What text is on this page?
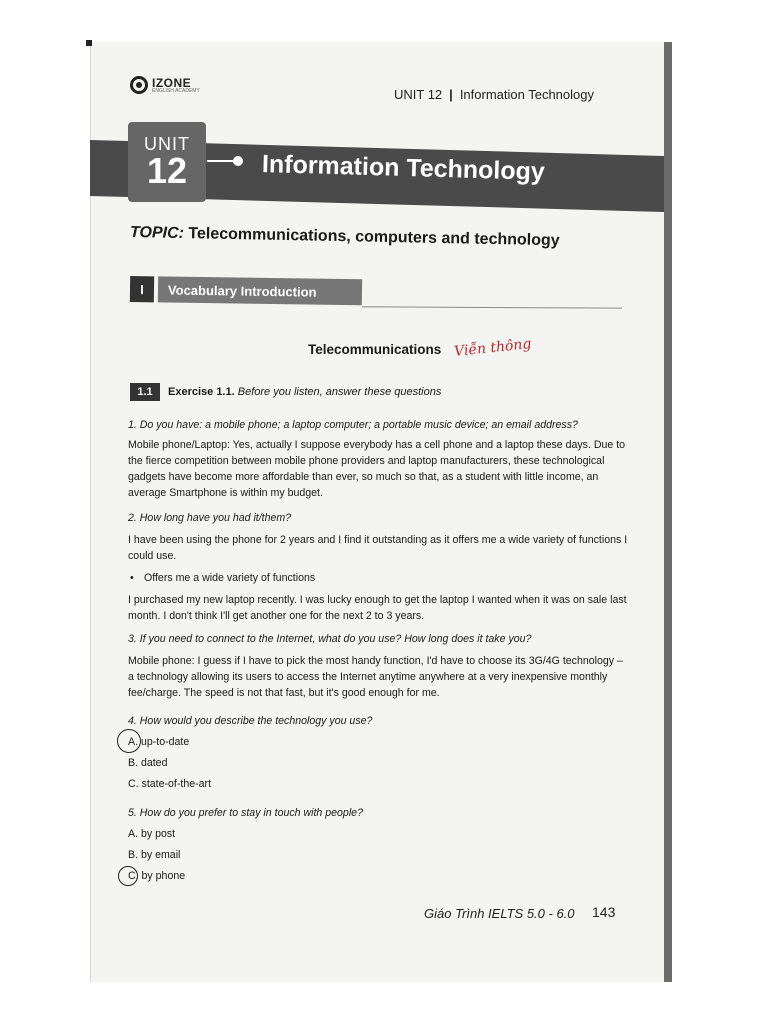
IZONE
ENGLISH ACADEMY	UNIT 12 | Information Technology
UNIT
12	Information Technology
TOPIC: Telecommunications, computers and technology
I	Vocabulary Introduction
Telecommunications Viễn thông
1.1	Exercise 1.1. Before you listen, answer these questions

1. Do you have: a mobile phone; a laptop computer; a portable music device; an email address?

Mobile phone/Laptop: Yes, actually I suppose everybody has a cell phone and a laptop these days. Due to the fierce competition between mobile phone providers and laptop manufacturers, these technological gadgets have become more affordable than ever, so much so that, as a student with little income, an average Smartphone is within my budget.

2. How long have you had it/them?

I have been using the phone for 2 years and I find it outstanding as it offers me a wide variety of functions I could use.

• Offers me a wide variety of functions

I purchased my new laptop recently. I was lucky enough to get the laptop I wanted when it was on sale last month. I don't think I'll get another one for the next 2 to 3 years.

3. If you need to connect to the Internet, what do you use? How long does it take you?

Mobile phone: I guess if I have to pick the most handy function, I'd have to choose its 3G/4G technology – a technology allowing its users to access the Internet anytime anywhere at a very inexpensive monthly fee/charge. The speed is not that fast, but it's good enough for me.

4. How would you describe the technology you use?

A. up-to-date

B. dated

C. state-of-the-art

5. How do you prefer to stay in touch with people?

A. by post

B. by email

C. by phone

Giáo Trình IELTS 5.0 - 6.0 143
